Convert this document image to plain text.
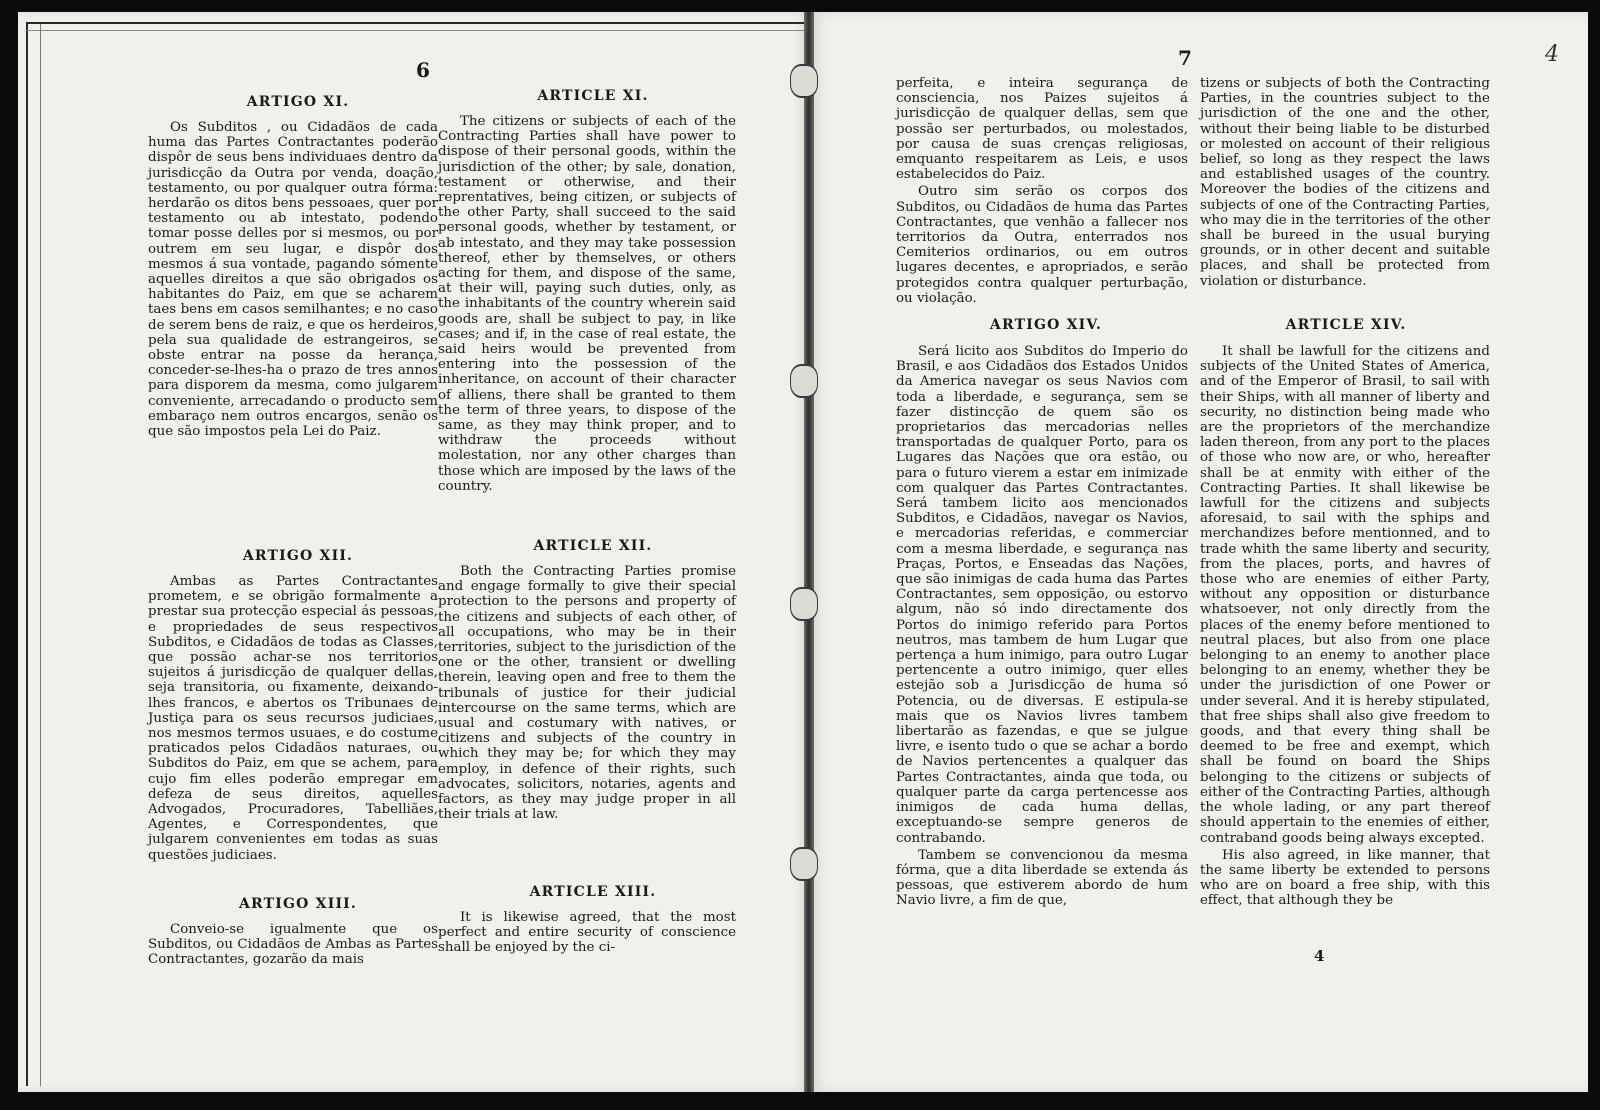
6
ARTIGO XI.

Os Subditos , ou Cidadãos de cada huma das Partes Contractantes poderão dispôr de seus bens individuaes dentro da jurisdicção da Outra por venda, doação, testamento, ou por qualquer outra fórma: herdarão os ditos bens pessoaes, quer por testamento ou ab intestato, podendo tomar posse delles por si mesmos, ou por outrem em seu lugar, e dispôr dos mesmos á sua vontade, pagando sómente aquelles direitos a que são obrigados os habitantes do Paiz, em que se acharem taes bens em casos semilhantes; e no caso de serem bens de raiz, e que os herdeiros, pela sua qualidade de estrangeiros, se obste entrar na posse da herança, conceder-se-lhes-ha o prazo de tres annos para disporem da mesma, como julgarem conveniente, arrecadando o producto sem embaraço nem outros encargos, senão os que são impostos pela Lei do Paiz.

ARTIGO XII.

Ambas as Partes Contractantes prometem, e se obrigão formalmente a prestar sua protecção especial ás pessoas, e propriedades de seus respectivos Subditos, e Cidadãos de todas as Classes, que possão achar-se nos territorios sujeitos á jurisdicção de qualquer dellas, seja transitoria, ou fixamente, deixando-lhes francos, e abertos os Tribunaes de Justiça para os seus recursos judiciaes, nos mesmos termos usuaes, e do costume praticados pelos Cidadãos naturaes, ou Subditos do Paiz, em que se achem, para cujo fim elles poderão empregar em defeza de seus direitos, aquelles Advogados, Procuradores, Tabelliães, Agentes, e Correspondentes, que julgarem convenientes em todas as suas questões judiciaes.

ARTIGO XIII.

Conveio-se igualmente que os Subditos, ou Cidadãos de Ambas as Partes Contractantes, gozarão da mais

ARTICLE XI.

The citizens or subjects of each of the Contracting Parties shall have power to dispose of their personal goods, within the jurisdiction of the other; by sale, donation, testament or otherwise, and their reprentatives, being citizen, or subjects of the other Party, shall succeed to the said personal goods, whether by testament, or ab intestato, and they may take possession thereof, ether by themselves, or others acting for them, and dispose of the same, at their will, paying such duties, only, as the inhabitants of the country wherein said goods are, shall be subject to pay, in like cases; and if, in the case of real estate, the said heirs would be prevented from entering into the possession of the inheritance, on account of their character of alliens, there shall be granted to them the term of three years, to dispose of the same, as they may think proper, and to withdraw the proceeds without molestation, nor any other charges than those which are imposed by the laws of the country.

ARTICLE XII.

Both the Contracting Parties promise and engage formally to give their special protection to the persons and property of the citizens and subjects of each other, of all occupations, who may be in their territories, subject to the jurisdiction of the one or the other, transient or dwelling therein, leaving open and free to them the tribunals of justice for their judicial intercourse on the same terms, which are usual and costumary with natives, or citizens and subjects of the country in which they may be; for which they may employ, in defence of their rights, such advocates, solicitors, notaries, agents and factors, as they may judge proper in all their trials at law.

ARTICLE XIII.

It is likewise agreed, that the most perfect and entire security of conscience shall be enjoyed by the ci-

7	4

perfeita, e inteira segurança de consciencia, nos Paizes sujeitos á jurisdicção de qualquer dellas, sem que possão ser perturbados, ou molestados, por causa de suas crenças religiosas, emquanto respeitarem as Leis, e usos estabelecidos do Paiz.

Outro sim serão os corpos dos Subditos, ou Cidadãos de huma das Partes Contractantes, que venhão a fallecer nos territorios da Outra, enterrados nos Cemiterios ordinarios, ou em outros lugares decentes, e apropriados, e serão protegidos contra qualquer perturbação, ou violação.

ARTIGO XIV.

Será licito aos Subditos do Imperio do Brasil, e aos Cidadãos dos Estados Unidos da America navegar os seus Navios com toda a liberdade, e segurança, sem se fazer distincção de quem são os proprietarios das mercadorias nelles transportadas de qualquer Porto, para os Lugares das Nações que ora estão, ou para o futuro vierem a estar em inimizade com qualquer das Partes Contractantes. Será tambem licito aos mencionados Subditos, e Cidadãos, navegar os Navios, e mercadorias referidas, e commerciar com a mesma liberdade, e segurança nas Praças, Portos, e Enseadas das Nações, que são inimigas de cada huma das Partes Contractantes, sem opposição, ou estorvo algum, não só indo directamente dos Portos do inimigo referido para Portos neutros, mas tambem de hum Lugar que pertença a hum inimigo, para outro Lugar pertencente a outro inimigo, quer elles estejão sob a Jurisdicção de huma só Potencia, ou de diversas. E estipula-se mais que os Navios livres tambem libertarão as fazendas, e que se julgue livre, e isento tudo o que se achar a bordo de Navios pertencentes a qualquer das Partes Contractantes, ainda que toda, ou qualquer parte da carga pertencesse aos inimigos de cada huma dellas, exceptuando-se sempre generos de contrabando.

Tambem se convencionou da mesma fórma, que a dita liberdade se extenda ás pessoas, que estiverem abordo de hum Navio livre, a fim de que,

tizens or subjects of both the Contracting Parties, in the countries subject to the jurisdiction of the one and the other, without their being liable to be disturbed or molested on account of their religious belief, so long as they respect the laws and established usages of the country. Moreover the bodies of the citizens and subjects of one of the Contracting Parties, who may die in the territories of the other shall be bureed in the usual burying grounds, or in other decent and suitable places, and shall be protected from violation or disturbance.

ARTICLE XIV.

It shall be lawfull for the citizens and subjects of the United States of America, and of the Emperor of Brasil, to sail with their Ships, with all manner of liberty and security, no distinction being made who are the proprietors of the merchandize laden thereon, from any port to the places of those who now are, or who, hereafter shall be at enmity with either of the Contracting Parties. It shall likewise be lawfull for the citizens and subjects aforesaid, to sail with the sphips and merchandizes before mentionned, and to trade whith the same liberty and security, from the places, ports, and havres of those who are enemies of either Party, without any opposition or disturbance whatsoever, not only directly from the places of the enemy before mentioned to neutral places, but also from one place belonging to an enemy to another place belonging to an enemy, whether they be under the jurisdiction of one Power or under several. And it is hereby stipulated, that free ships shall also give freedom to goods, and that every thing shall be deemed to be free and exempt, which shall be found on board the Ships belonging to the citizens or subjects of either of the Contracting Parties, although the whole lading, or any part thereof should appertain to the enemies of either, contraband goods being always excepted.

His also agreed, in like manner, that the same liberty be extended to persons who are on board a free ship, with this effect, that although they be

4
